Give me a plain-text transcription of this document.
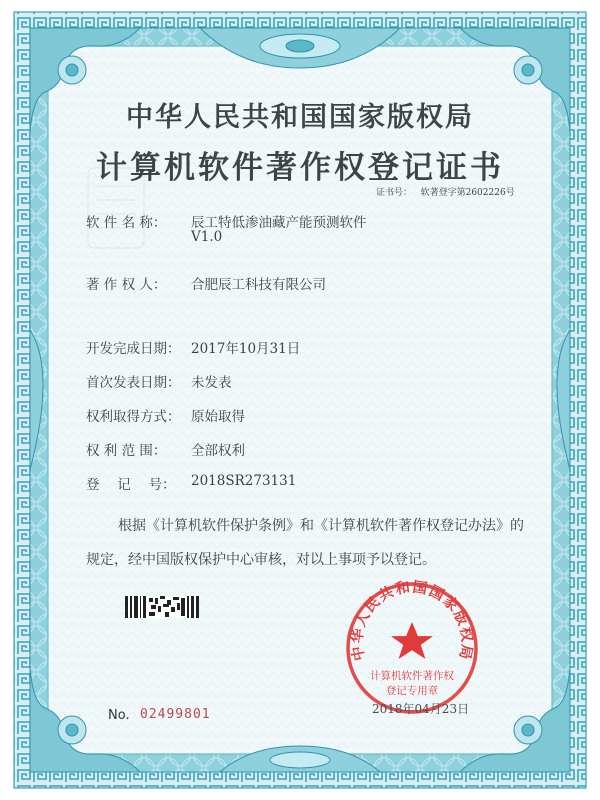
中华人民共和国国家版权局
计算机软件著作权登记证书
证书号： 软著登字第2602226号
软 件 名 称： 辰工特低渗油藏产能预测软件
V1.0
著 作 权 人： 合肥辰工科技有限公司
开发完成日期： 2017年10月31日
首次发表日期： 未发表
权利取得方式： 原始取得
权 利 范 围： 全部权利
登　 记　 号： 2018SR273131
根据《计算机软件保护条例》和《计算机软件著作权登记办法》的
规定，经中国版权保护中心审核，对以上事项予以登记。
中华人民共和国国家版权局
计算机软件著作权
登记专用章
No. 02499801	2018年04月23日
